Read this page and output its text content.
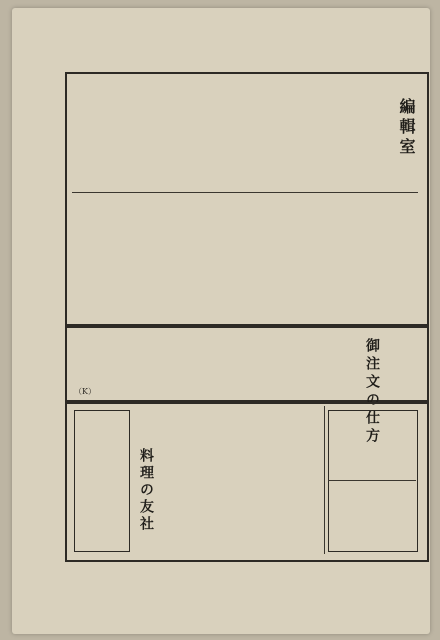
編輯室
御注文の仕方
料理の友社
（K）
